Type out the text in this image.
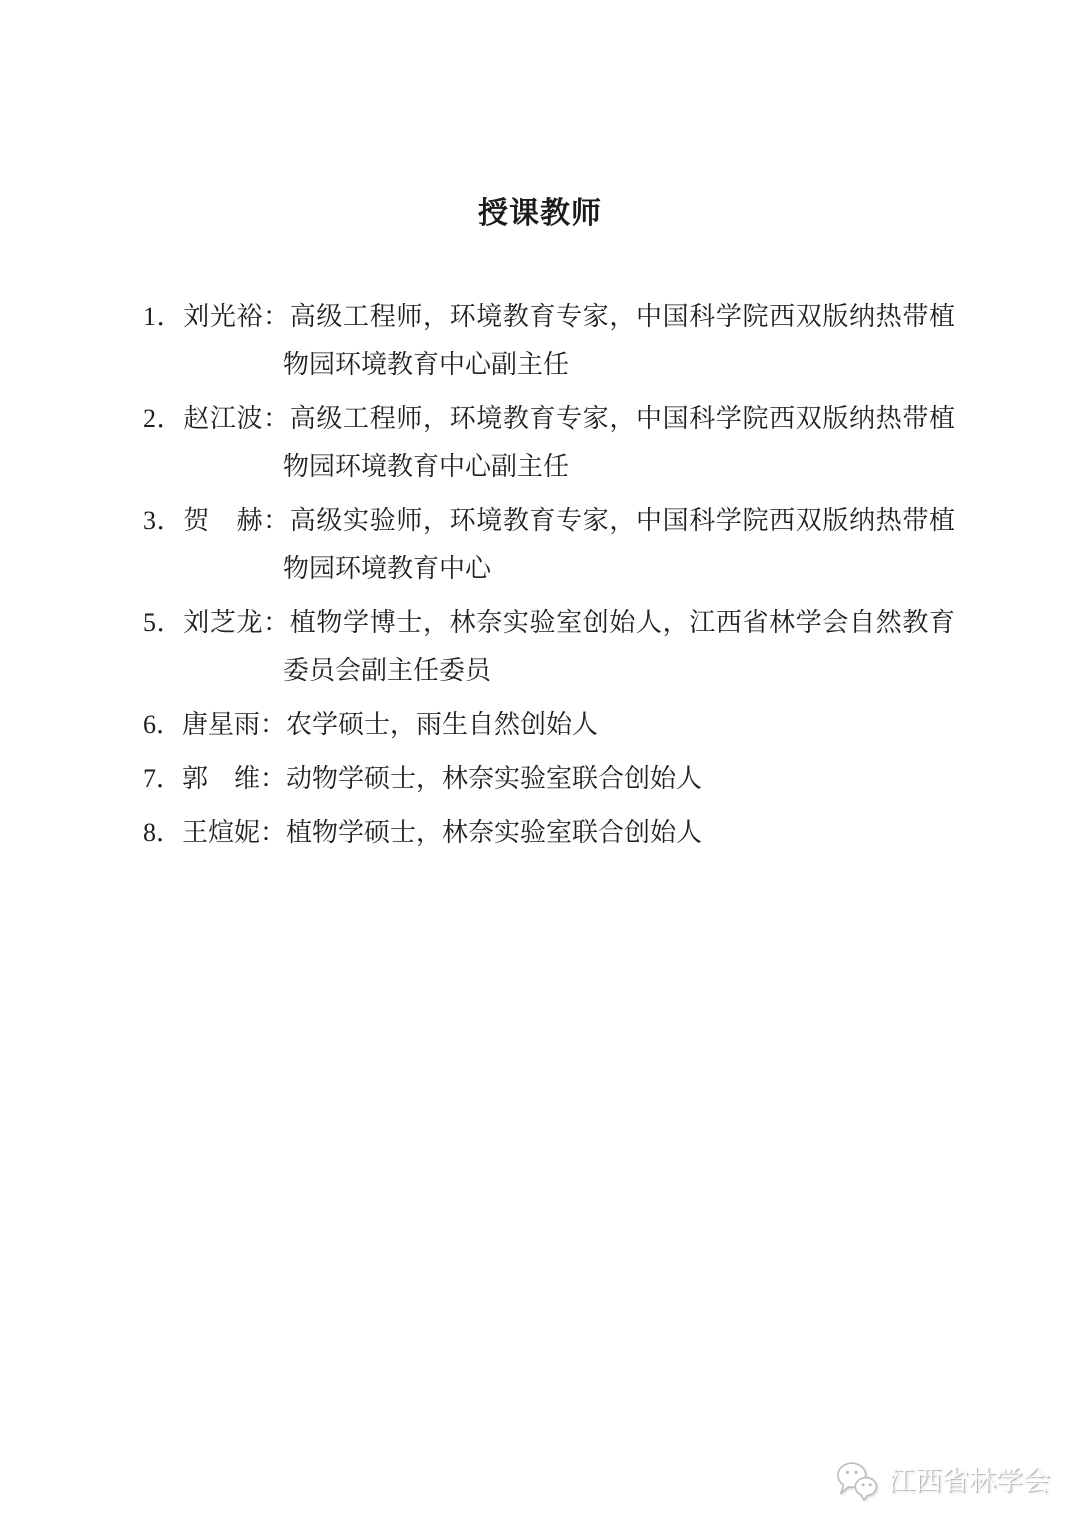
授课教师

1．刘光裕：高级工程师，环境教育专家，中国科学院西双版纳热带植物园环境教育中心副主任

2．赵江波：高级工程师，环境教育专家，中国科学院西双版纳热带植物园环境教育中心副主任

3．贺　赫：高级实验师，环境教育专家，中国科学院西双版纳热带植物园环境教育中心

5．刘芝龙：植物学博士，林奈实验室创始人，江西省林学会自然教育委员会副主任委员

6．唐星雨：农学硕士，雨生自然创始人

7．郭　维：动物学硕士，林奈实验室联合创始人

8．王煊妮：植物学硕士，林奈实验室联合创始人

江西省林学会
